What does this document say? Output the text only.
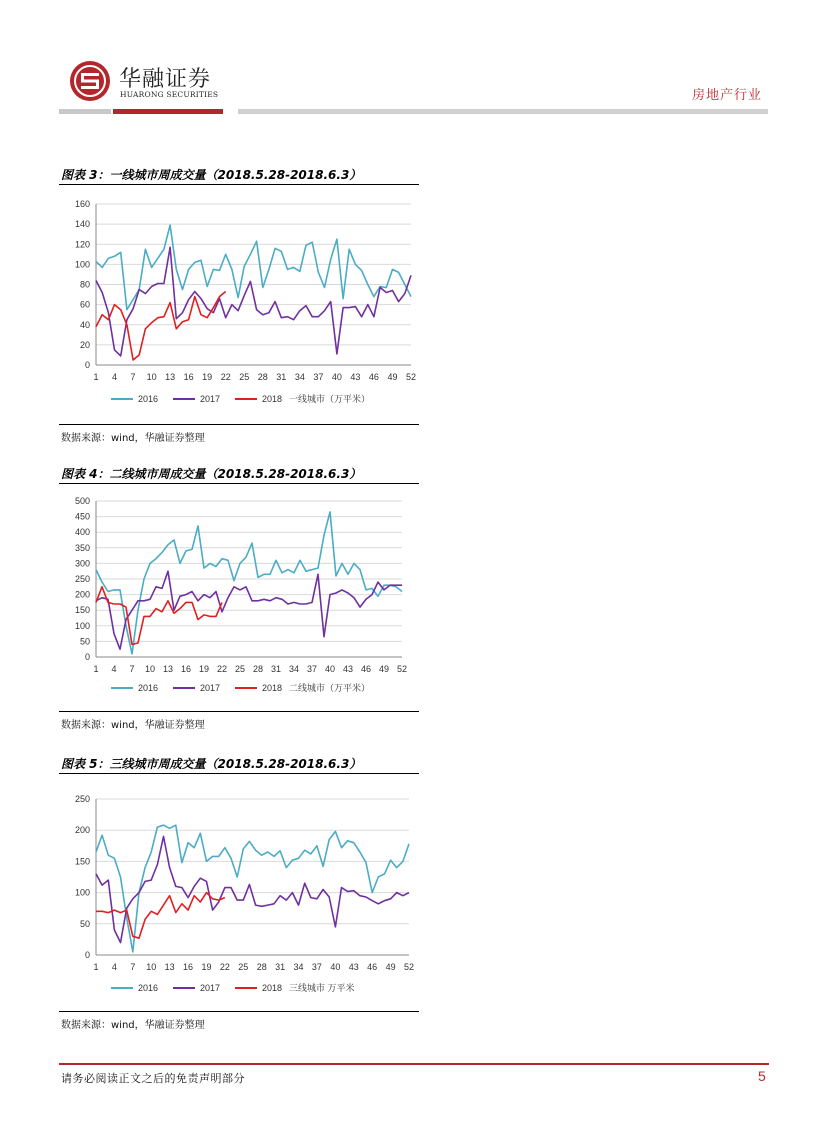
华融证券
HUARONG SECURITIES	房地产行业
图表 3：一线城市周成交量（2018.5.28-2018.6.3）
0
20
40
60
80
100
120
140
160
1 4 7 10 13 16 19 22 25 28 31 34 37 40 43 46 49 52
2016	2017	2018 一线城市（万平米）
数据来源：wind，华融证券整理
图表 4：二线城市周成交量（2018.5.28-2018.6.3）
0
50
100
150
200
250
300
350
400
450
500
1 4 7 10 13 16 19 22 25 28 31 34 37 40 43 46 49 52
2016	2017	2018 二线城市（万平米）
数据来源：wind，华融证券整理
图表 5：三线城市周成交量（2018.5.28-2018.6.3）
0
50
100
150
200
250
1 4 7 10 13 16 19 22 25 28 31 34 37 40 43 46 49 52
2016	2017	2018 三线城市 万平米
数据来源：wind，华融证券整理
请务必阅读正文之后的免责声明部分	5
